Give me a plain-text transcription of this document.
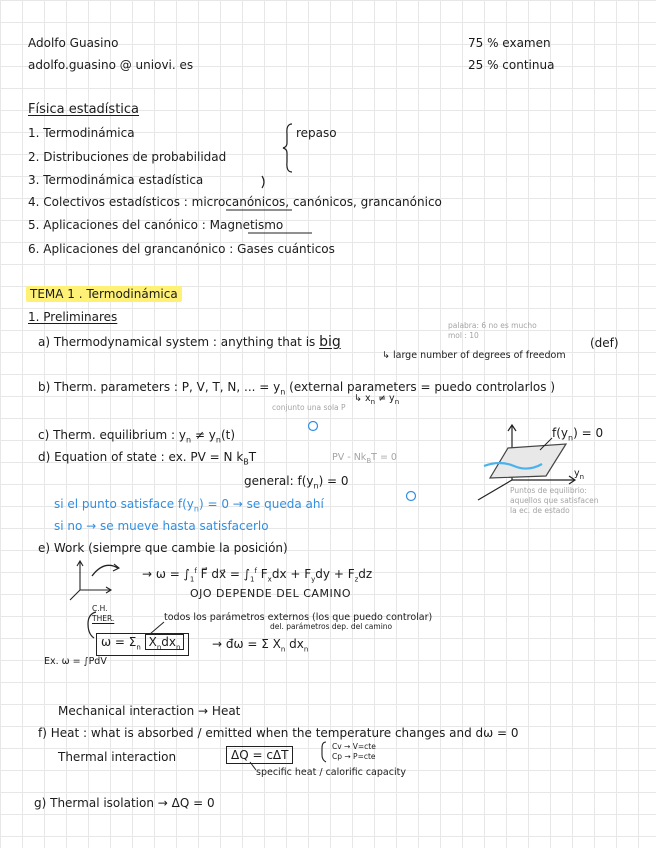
Adolfo Guasino
adolfo.guasino @ uniovi. es
75 % examen
25 % continua
Física estadística
1. Termodinámica
2. Distribuciones de probabilidad
3. Termodinámica estadística
4. Colectivos estadísticos : microcanónicos, canónicos, grancanónico
5. Aplicaciones del canónico : Magnetismo
6. Aplicaciones del grancanónico : Gases cuánticos
repaso
TEMA 1 . Termodinámica
1. Preliminares
a) Thermodynamical system : anything that is big	(def)
↳ large number of degrees of freedom
palabra: 6 no es mucho
mol : 10
b) Therm. parameters : P, V, T, N, ... = $y_n$ (external parameters = puedo controlarlos )
↳ $x_n \ne y_n$
conjunto una sola P
c) Therm. equilibrium : $y_n \ne y_n(t)$
d) Equation of state : ex. PV = N $k_BT$	PV - $Nk_BT = 0$
general: $f(y_n) = 0$
si el punto satisface $f(y_n) = 0$ → se queda ahí
si no → se mueve hasta satisfacerlo
$f(y_n) = 0$
$y_n$
Puntos de equilibrio:
aquellos que satisfacen
la ec. de estado
e) Work (siempre que cambie la posición)
→ $\omega = \int_1^f$ F⃗ dx⃗ = $\int_1^f$ $F_xdx + F_ydy + F_zdz$
OJO DEPENDE DEL CAMINO
C.H.
THER.	todos los parámetros externos (los que puedo controlar)
del. parámetros dep. del camino
$\omega = \Sigma_n$ $X_ndx_n$	→ đω = Σ $X_n$ $dx_n$
Ex. ω = ∫PdV
Mechanical interaction → Heat
f) Heat : what is absorbed / emitted when the temperature changes and dω = 0
Thermal interaction	ΔQ = cΔT
Cv → V=cte
Cp → P=cte
specific heat / calorific capacity
g) Thermal isolation → ΔQ = 0
